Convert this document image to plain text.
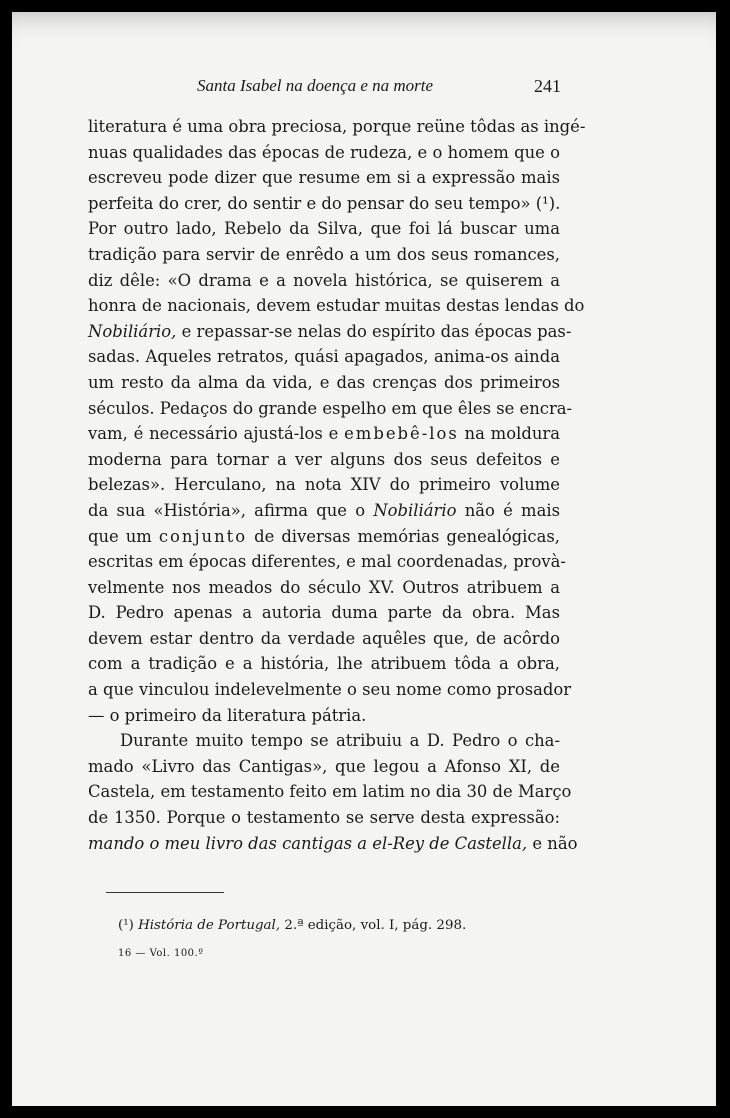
Santa Isabel na doença e na morte	241
literatura é uma obra preciosa, porque reüne tôdas as ingé-
nuas qualidades das épocas de rudeza, e o homem que o
escreveu pode dizer que resume em si a expressão mais
perfeita do crer, do sentir e do pensar do seu tempo» (¹).
Por outro lado, Rebelo da Silva, que foi lá buscar uma
tradição para servir de enrêdo a um dos seus romances,
diz dêle: «O drama e a novela histórica, se quiserem a
honra de nacionais, devem estudar muitas destas lendas do
Nobiliário, e repassar-se nelas do espírito das épocas pas-
sadas. Aqueles retratos, quási apagados, anima-os ainda
um resto da alma da vida, e das crenças dos primeiros
séculos. Pedaços do grande espelho em que êles se encra-
vam, é necessário ajustá-los e embebê-los na moldura
moderna para tornar a ver alguns dos seus defeitos e
belezas». Herculano, na nota XIV do primeiro volume
da sua «História», afirma que o Nobiliário não é mais
que um conjunto de diversas memórias genealógicas,
escritas em épocas diferentes, e mal coordenadas, provà-
velmente nos meados do século XV. Outros atribuem a
D. Pedro apenas a autoria duma parte da obra. Mas
devem estar dentro da verdade aquêles que, de acôrdo
com a tradição e a história, lhe atribuem tôda a obra,
a que vinculou indelevelmente o seu nome como prosador
— o primeiro da literatura pátria.
Durante muito tempo se atribuiu a D. Pedro o cha-
mado «Livro das Cantigas», que legou a Afonso XI, de
Castela, em testamento feito em latim no dia 30 de Março
de 1350. Porque o testamento se serve desta expressão:
mando o meu livro das cantigas a el-Rey de Castella, e não
(¹) História de Portugal, 2.ª edição, vol. I, pág. 298.
16 — Vol. 100.º
